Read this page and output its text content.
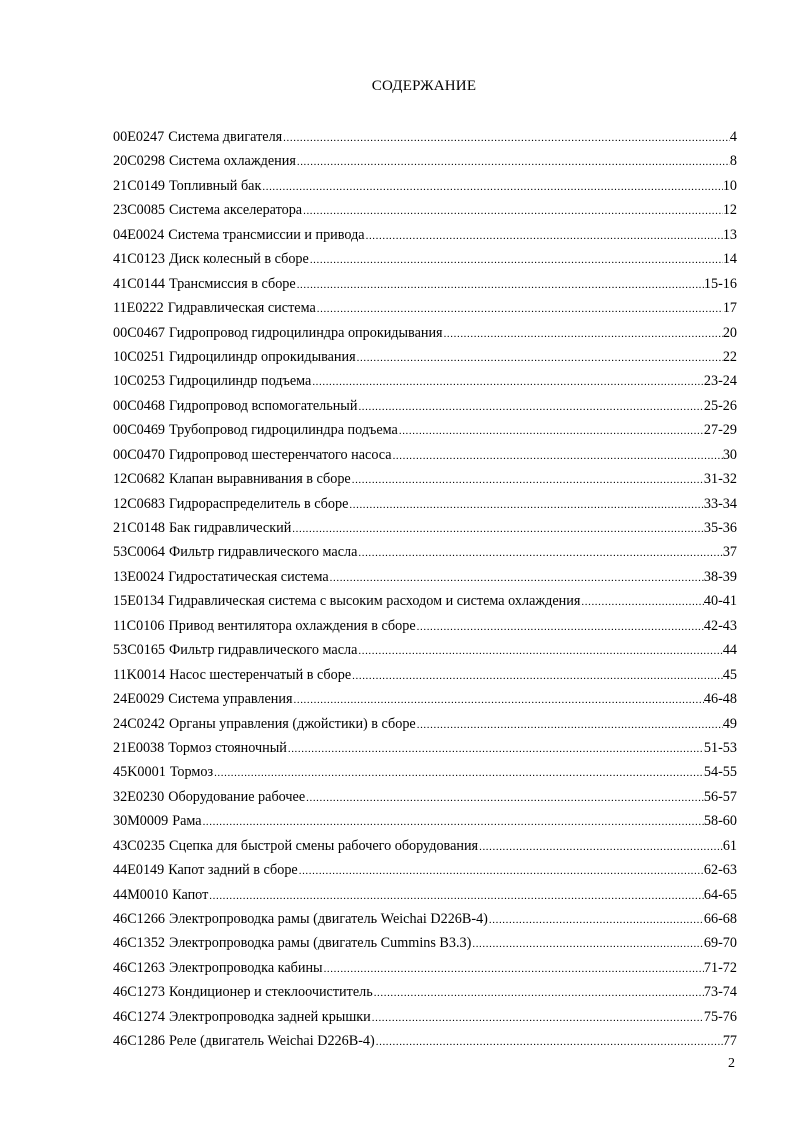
СОДЕРЖАНИЕ
00E0247 Система двигателя .....	4
20C0298 Система охлаждения .....	8
21C0149 Топливный бак .....	10
23C0085 Система акселератора .....	12
04E0024 Система трансмиссии и привода .....	13
41C0123 Диск колесный в сборе .....	14
41C0144 Трансмиссия в сборе .....	15-16
11E0222 Гидравлическая система .....	17
00C0467 Гидропровод гидроцилиндра опрокидывания .....	20
10C0251 Гидроцилиндр опрокидывания .....	22
10C0253 Гидроцилиндр подъема .....	23-24
00C0468 Гидропровод вспомогательный .....	25-26
00C0469 Трубопровод гидроцилиндра подъема .....	27-29
00C0470 Гидропровод шестеренчатого насоса .....	30
12C0682 Клапан выравнивания в сборе .....	31-32
12C0683 Гидрораспределитель в сборе .....	33-34
21C0148 Бак гидравлический .....	35-36
53C0064 Фильтр гидравлического масла .....	37
13E0024 Гидростатическая система .....	38-39
15E0134 Гидравлическая система с высоким расходом и система охлаждения .....	40-41
11C0106 Привод вентилятора охлаждения в сборе .....	42-43
53C0165 Фильтр гидравлического масла .....	44
11K0014 Насос шестеренчатый в сборе .....	45
24E0029 Система управления .....	46-48
24C0242 Органы управления (джойстики) в сборе .....	49
21E0038 Тормоз стояночный .....	51-53
45K0001 Тормоз .....	54-55
32E0230 Оборудование рабочее .....	56-57
30M0009 Рама .....	58-60
43C0235 Сцепка для быстрой смены рабочего оборудования .....	61
44E0149 Капот задний в сборе .....	62-63
44M0010 Капот .....	64-65
46C1266 Электропроводка рамы (двигатель Weichai D226B-4) .....	66-68
46C1352 Электропроводка рамы (двигатель Cummins B3.3) .....	69-70
46C1263 Электропроводка кабины .....	71-72
46C1273 Кондиционер и стеклоочиститель .....	73-74
46C1274 Электропроводка задней крышки .....	75-76
46C1286 Реле (двигатель Weichai D226B-4) .....	77
2
